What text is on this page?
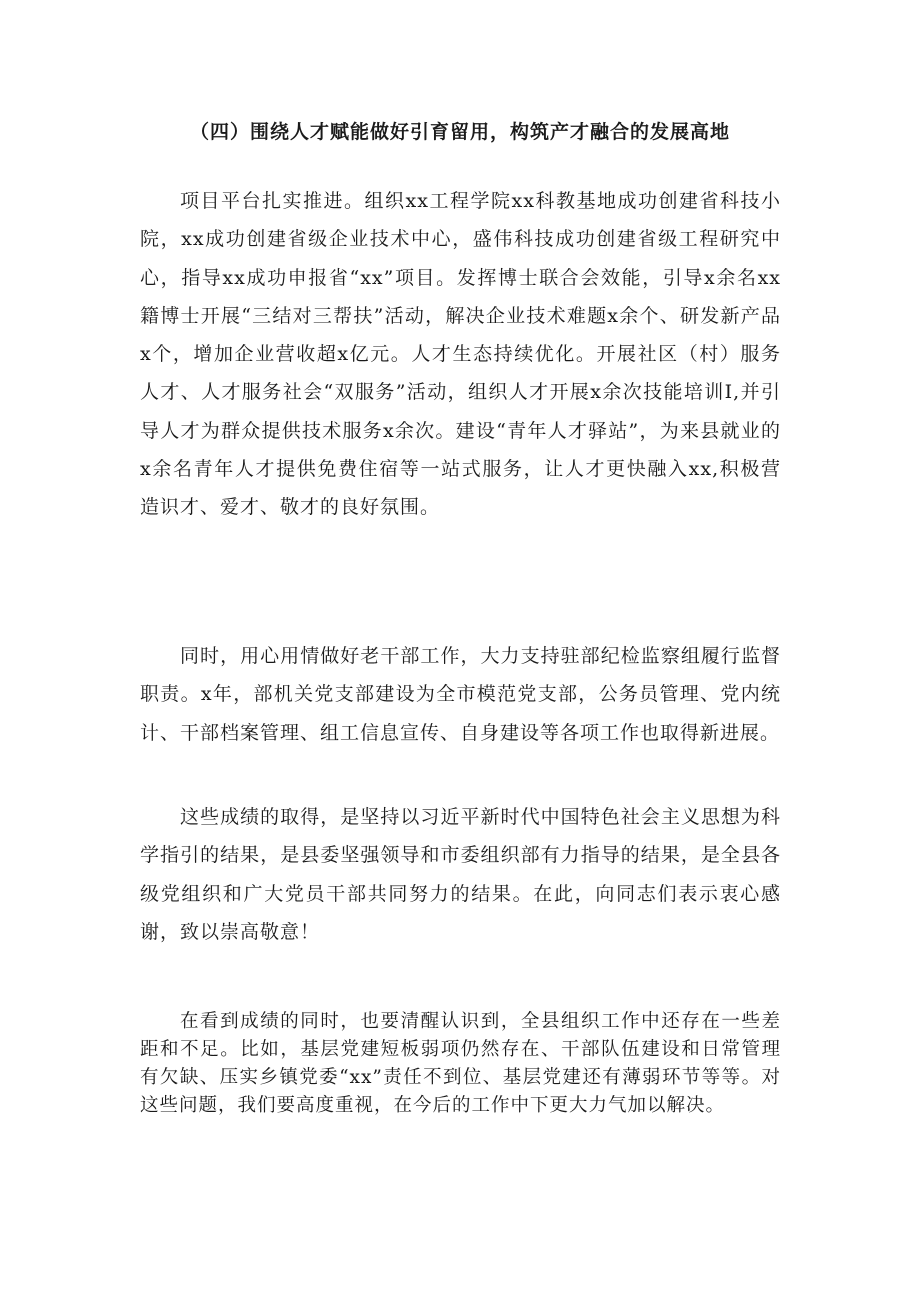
（四）围绕人才赋能做好引育留用，构筑产才融合的发展高地

项目平台扎实推进。组织xx工程学院xx科教基地成功创建省科技小院，xx成功创建省级企业技术中心，盛伟科技成功创建省级工程研究中心，指导xx成功申报省“xx”项目。发挥博士联合会效能，引导x余名xx籍博士开展“三结对三帮扶”活动，解决企业技术难题x余个、研发新产品x个，增加企业营收超x亿元。人才生态持续优化。开展社区（村）服务人才、人才服务社会“双服务”活动，组织人才开展x余次技能培训I,并引导人才为群众提供技术服务x余次。建设“青年人才驿站”，为来县就业的x余名青年人才提供免费住宿等一站式服务，让人才更快融入xx,积极营造识才、爱才、敬才的良好氛围。

同时，用心用情做好老干部工作，大力支持驻部纪检监察组履行监督职责。x年，部机关党支部建设为全市模范党支部，公务员管理、党内统计、干部档案管理、组工信息宣传、自身建设等各项工作也取得新进展。

这些成绩的取得，是坚持以习近平新时代中国特色社会主义思想为科学指引的结果，是县委坚强领导和市委组织部有力指导的结果，是全县各级党组织和广大党员干部共同努力的结果。在此，向同志们表示衷心感谢，致以崇高敬意！

在看到成绩的同时，也要清醒认识到，全县组织工作中还存在一些差距和不足。比如，基层党建短板弱项仍然存在、干部队伍建设和日常管理有欠缺、压实乡镇党委“xx”责任不到位、基层党建还有薄弱环节等等。对这些问题，我们要高度重视，在今后的工作中下更大力气加以解决。
